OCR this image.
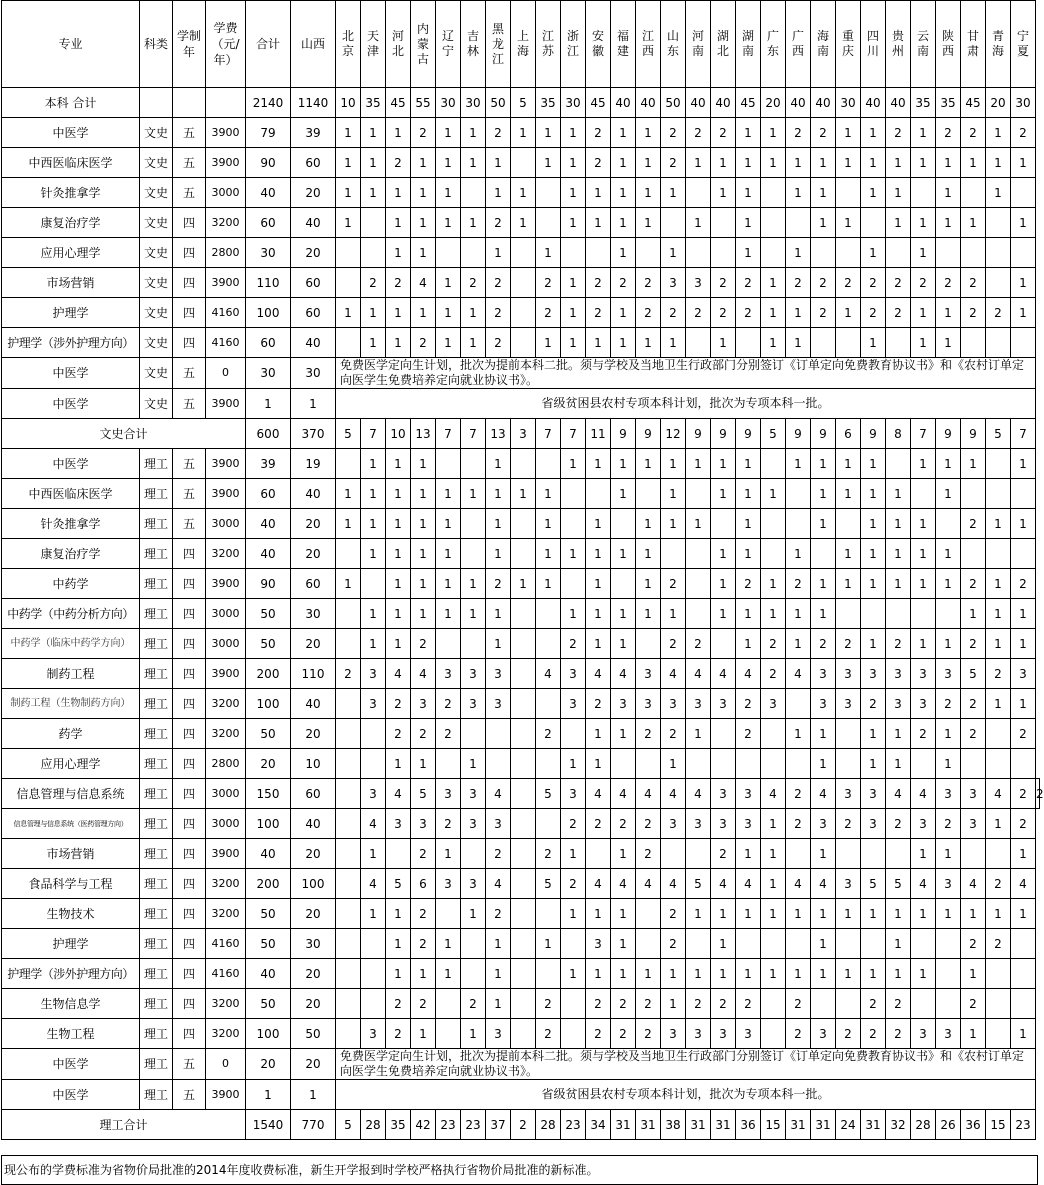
专业	科类	学制年	学费（元/年）	合计	山西	北京	天津	河北	内蒙古	辽宁	吉林	黑龙江	上海	江苏	浙江	安徽	福建	江西	山东	河南	湖北	湖南	广东	广西	海南	重庆	四川	贵州	云南	陕西	甘肃	青海	宁夏	
本科 合计				2140	1140	10	35	45	55	30	30	50	5	35	30	45	40	40	50	40	40	45	20	40	40	30	40	40	35	35	45	20	30	
中医学	文史	五	3900	79	39	1	1	1	2	1	1	2	1	1	1	2	1	1	2	2	2	1	1	2	2	1	1	2	1	2	2	1	2	
中西医临床医学	文史	五	3900	90	60	1	1	2	1	1	1	1		1	1	2	1	1	2	1	1	1	1	1	1	1	1	1	1	1	1	1	1	
针灸推拿学	文史	五	3000	40	20	1	1	1	1	1		1	1		1	1	1	1	1		1	1		1	1		1	1		1		1		
康复治疗学	文史	四	3200	60	40	1		1	1	1	1	2	1		1	1	1	1		1		1			1	1		1	1	1	1		1	
应用心理学	文史	四	2800	30	20			1	1			1		1			1		1			1		1			1		1					
市场营销	文史	四	3900	110	60		2	2	4	1	2	2		2	1	2	2	2	3	3	2	2	1	2	2	2	2	2	2	2	2		1	
护理学	文史	四	4160	100	60	1	1	1	1	1	1	2		2	1	2	1	2	2	2	2	2	1	1	2	1	2	2	1	1	2	2	1	
护理学（涉外护理方向）	文史	四	4160	60	40		1	1	2	1	1	2		1	1	1	1	1	1		1		1	1			1		1	1				
中医学	文史	五	0	30	30	免费医学定向生计划，批次为提前本科二批。须与学校及当地卫生行政部门分别签订《订单定向免费教育协议书》和《农村订单定向医学生免费培养定向就业协议书》。																												
中医学	文史	五	3900	1	1	省级贫困县农村专项本科计划，批次为专项本科一批。																												
文史合计				600	370	5	7	10	13	7	7	13	3	7	7	11	9	9	12	9	9	9	5	9	9	6	9	8	7	9	9	5	7	
中医学	理工	五	3900	39	19		1	1	1			1			1	1	1	1	1	1	1	1		1	1	1	1		1	1	1		1	
中西医临床医学	理工	五	3900	60	40	1	1	1	1	1	1	1	1	1			1		1		1	1	1		1	1	1	1		1				
针灸推拿学	理工	五	3000	40	20	1	1	1	1	1		1		1		1		1	1	1		1			1		1	1	1		2	1	1	
康复治疗学	理工	四	3200	40	20		1	1	1	1		1		1	1	1	1	1			1	1		1		1	1	1	1	1				
中药学	理工	四	3900	90	60	1		1	1	1	1	2	1	1		1		1	2		1	2	1	2	1	1	1	1	1	1	2	1	2	
中药学（中药分析方向）	理工	四	3000	50	30		1	1	1	1	1	1			1	1	1	1	1		1	1	1	1	1						1	1	1	
中药学（临床中药学方向）	理工	四	3000	50	20		1	1	2			1			2	1	1		2	2		1	2	1	2	2	1	2	1	1	2	1	1	
制药工程	理工	四	3900	200	110	2	3	4	4	3	3	3		4	3	4	4	3	4	4	4	4	2	4	3	3	3	3	3	3	5	2	3	
制药工程（生物制药方向）	理工	四	3200	100	40		3	2	3	2	3	3			3	2	3	3	3	3	3	2	3		3	3	2	3	3	2	2	1	1	
药学	理工	四	3200	50	20			2	2	2				2		1	1	2	2	1		2		1	1		1	1	2	1	2		2	
应用心理学	理工	四	2800	20	10			1	1		1				1	1			1						1		1	1		1				
信息管理与信息系统	理工	四	3000	150	60		3	4	5	3	3	4		5	3	4	4	4	4	4	3	3	4	2	4	3	3	4	4	3	3	4	2	2
信息管理与信息系统（医药管理方向）	理工	四	3000	100	40		4	3	3	2	3	3			2	2	2	2	3	3	3	3	1	2	3	2	3	2	3	2	3	1	2	
市场营销	理工	四	3900	40	20		1		2	1		2		2	1		1	2			2	1	1		1				1	1			1	
食品科学与工程	理工	四	3200	200	100		4	5	6	3	3	4		5	2	4	4	4	4	5	4	4	1	4	4	3	5	5	4	3	4	2	4	
生物技术	理工	四	3200	50	20		1	1	2		1	2			1	1	1		2	1	1	1	1	1	1	1	1	1	1	1	1	1	1	
护理学	理工	四	4160	50	30			1	2	1		1		1		3	1		2		1				1			1			2	2		
护理学（涉外护理方向）	理工	四	4160	40	20			1	1	1		1			1	1	1	1	1	1	1	1	1	1	1	1	1	1	1		1			
生物信息学	理工	四	3200	50	20			2	2		2	1		2		2	2	2	1	2	2	2		2			2	2			2			
生物工程	理工	四	3200	100	50		3	2	1		1	3		2		2	2	2	3	3	3	3		2	3	2	2	2	3	3	1		1	
中医学	理工	五	0	20	20	免费医学定向生计划，批次为提前本科二批。须与学校及当地卫生行政部门分别签订《订单定向免费教育协议书》和《农村订单定向医学生免费培养定向就业协议书》。																												
中医学	理工	五	3900	1	1	省级贫困县农村专项本科计划，批次为专项本科一批。																												
理工合计				1540	770	5	28	35	42	23	23	37	2	28	23	34	31	31	38	31	31	36	15	31	31	24	31	32	28	26	36	15	23	
现公布的学费标准为省物价局批准的2014年度收费标准，新生开学报到时学校严格执行省物价局批准的新标准。
